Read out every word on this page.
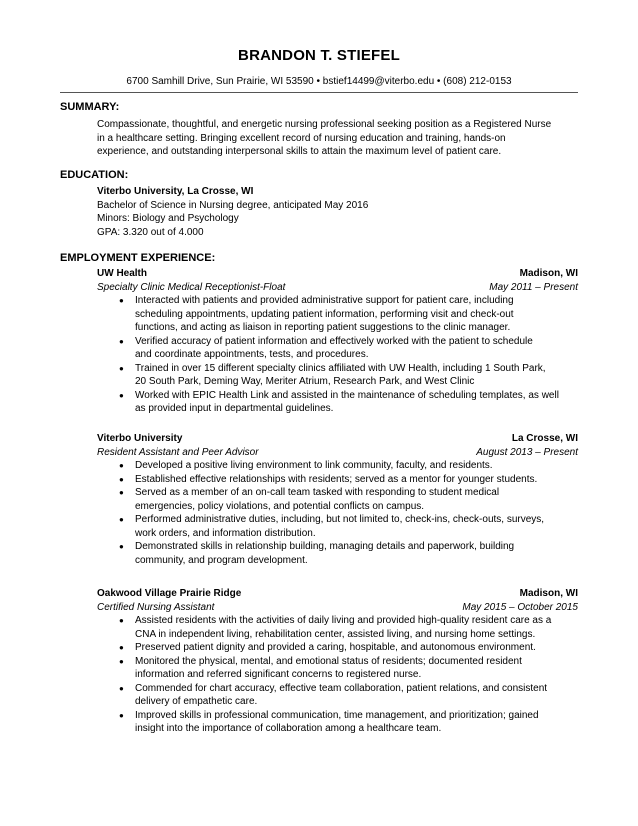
BRANDON T. STIEFEL
6700 Samhill Drive, Sun Prairie, WI 53590 • bstief14499@viterbo.edu • (608) 212-0153
SUMMARY:
Compassionate, thoughtful, and energetic nursing professional seeking position as a Registered Nurse
in a healthcare setting. Bringing excellent record of nursing education and training, hands-on
experience, and outstanding interpersonal skills to attain the maximum level of patient care.
EDUCATION:
Viterbo University, La Crosse, WI
Bachelor of Science in Nursing degree, anticipated May 2016
Minors: Biology and Psychology
GPA: 3.320 out of 4.000
EMPLOYMENT EXPERIENCE:
UW Health	Madison, WI
Specialty Clinic Medical Receptionist-Float	May 2011 – Present
● Interacted with patients and provided administrative support for patient care, including
scheduling appointments, updating patient information, performing visit and check-out
functions, and acting as liaison in reporting patient suggestions to the clinic manager.
● Verified accuracy of patient information and effectively worked with the patient to schedule
and coordinate appointments, tests, and procedures.
● Trained in over 15 different specialty clinics affiliated with UW Health, including 1 South Park,
20 South Park, Deming Way, Meriter Atrium, Research Park, and West Clinic
● Worked with EPIC Health Link and assisted in the maintenance of scheduling templates, as well
as provided input in departmental guidelines.
Viterbo University	La Crosse, WI
Resident Assistant and Peer Advisor	August 2013 – Present
● Developed a positive living environment to link community, faculty, and residents.
● Established effective relationships with residents; served as a mentor for younger students.
● Served as a member of an on-call team tasked with responding to student medical
emergencies, policy violations, and potential conflicts on campus.
● Performed administrative duties, including, but not limited to, check-ins, check-outs, surveys,
work orders, and information distribution.
● Demonstrated skills in relationship building, managing details and paperwork, building
community, and program development.
Oakwood Village Prairie Ridge	Madison, WI
Certified Nursing Assistant	May 2015 – October 2015
● Assisted residents with the activities of daily living and provided high-quality resident care as a
CNA in independent living, rehabilitation center, assisted living, and nursing home settings.
● Preserved patient dignity and provided a caring, hospitable, and autonomous environment.
● Monitored the physical, mental, and emotional status of residents; documented resident
information and referred significant concerns to registered nurse.
● Commended for chart accuracy, effective team collaboration, patient relations, and consistent
delivery of empathetic care.
● Improved skills in professional communication, time management, and prioritization; gained
insight into the importance of collaboration among a healthcare team.
